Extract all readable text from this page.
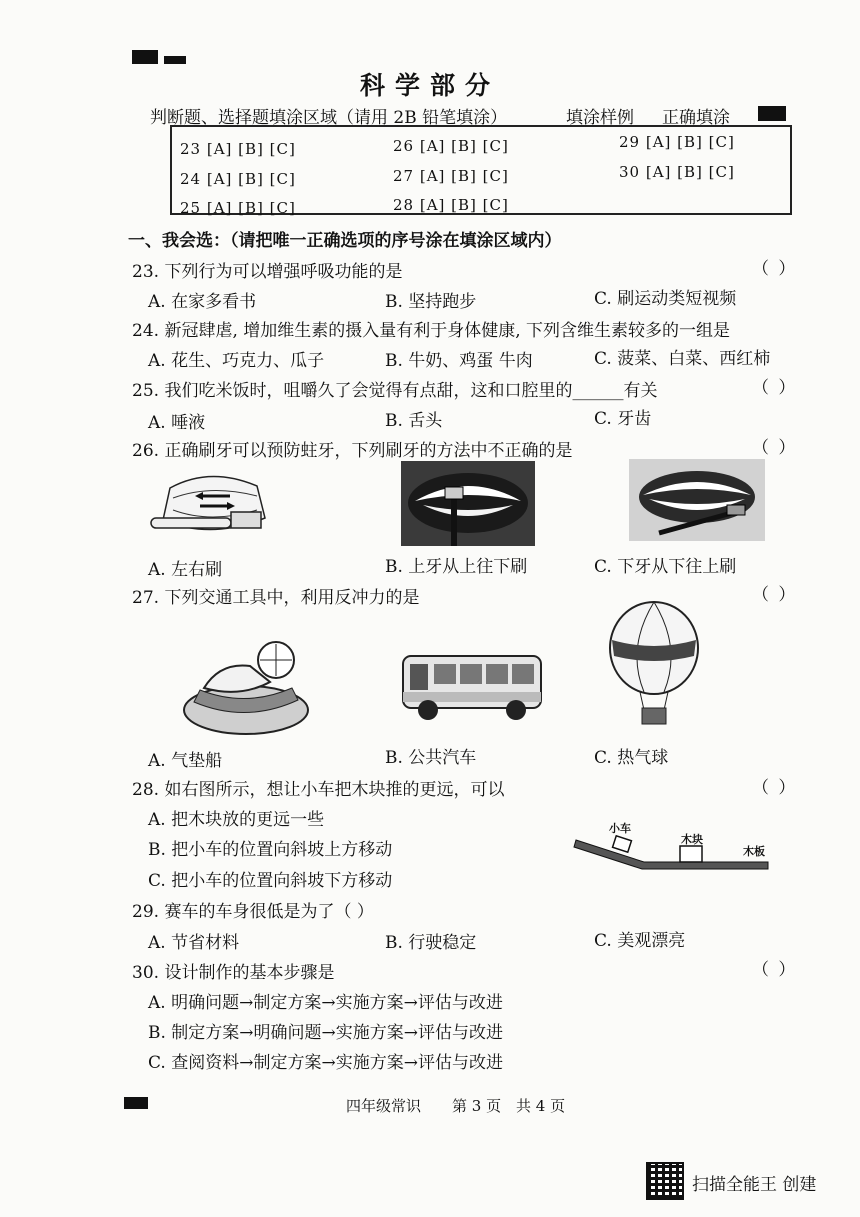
科学部分
判断题、选择题填涂区域（请用 2B 铅笔填涂）	填涂样例 正确填涂
23 [A] [B] [C]
24 [A] [B] [C]
25 [A] [B] [C]
26 [A] [B] [C]
27 [A] [B] [C]
28 [A] [B] [C]
29 [A] [B] [C]
30 [A] [B] [C]
一、我会选：（请把唯一正确选项的序号涂在填涂区域内）
23. 下列行为可以增强呼吸功能的是	（ ）
A. 在家多看书	B. 坚持跑步	C. 刷运动类短视频
24. 新冠肆虐, 增加维生素的摄入量有利于身体健康, 下列含维生素较多的一组是
A. 花生、巧克力、瓜子	B. 牛奶、鸡蛋 牛肉	C. 菠菜、白菜、西红柿
25. 我们吃米饭时，咀嚼久了会觉得有点甜，这和口腔里的______有关	（ ）
A. 唾液	B. 舌头	C. 牙齿
26. 正确刷牙可以预防蛀牙，下列刷牙的方法中不正确的是	（ ）
A. 左右刷	B. 上牙从上往下刷	C. 下牙从下往上刷
27. 下列交通工具中，利用反冲力的是	（ ）
A. 气垫船	B. 公共汽车	C. 热气球
28. 如右图所示，想让小车把木块推的更远，可以	（ ）
A. 把木块放的更远一些
B. 把小车的位置向斜坡上方移动
C. 把小车的位置向斜坡下方移动
小车
木块
木板
29. 赛车的车身很低是为了（ ）
A. 节省材料	B. 行驶稳定	C. 美观漂亮
30. 设计制作的基本步骤是	（ ）
A. 明确问题→制定方案→实施方案→评估与改进
B. 制定方案→明确问题→实施方案→评估与改进
C. 查阅资料→制定方案→实施方案→评估与改进
四年级常识 第 3 页 共 4 页
扫描全能王 创建
